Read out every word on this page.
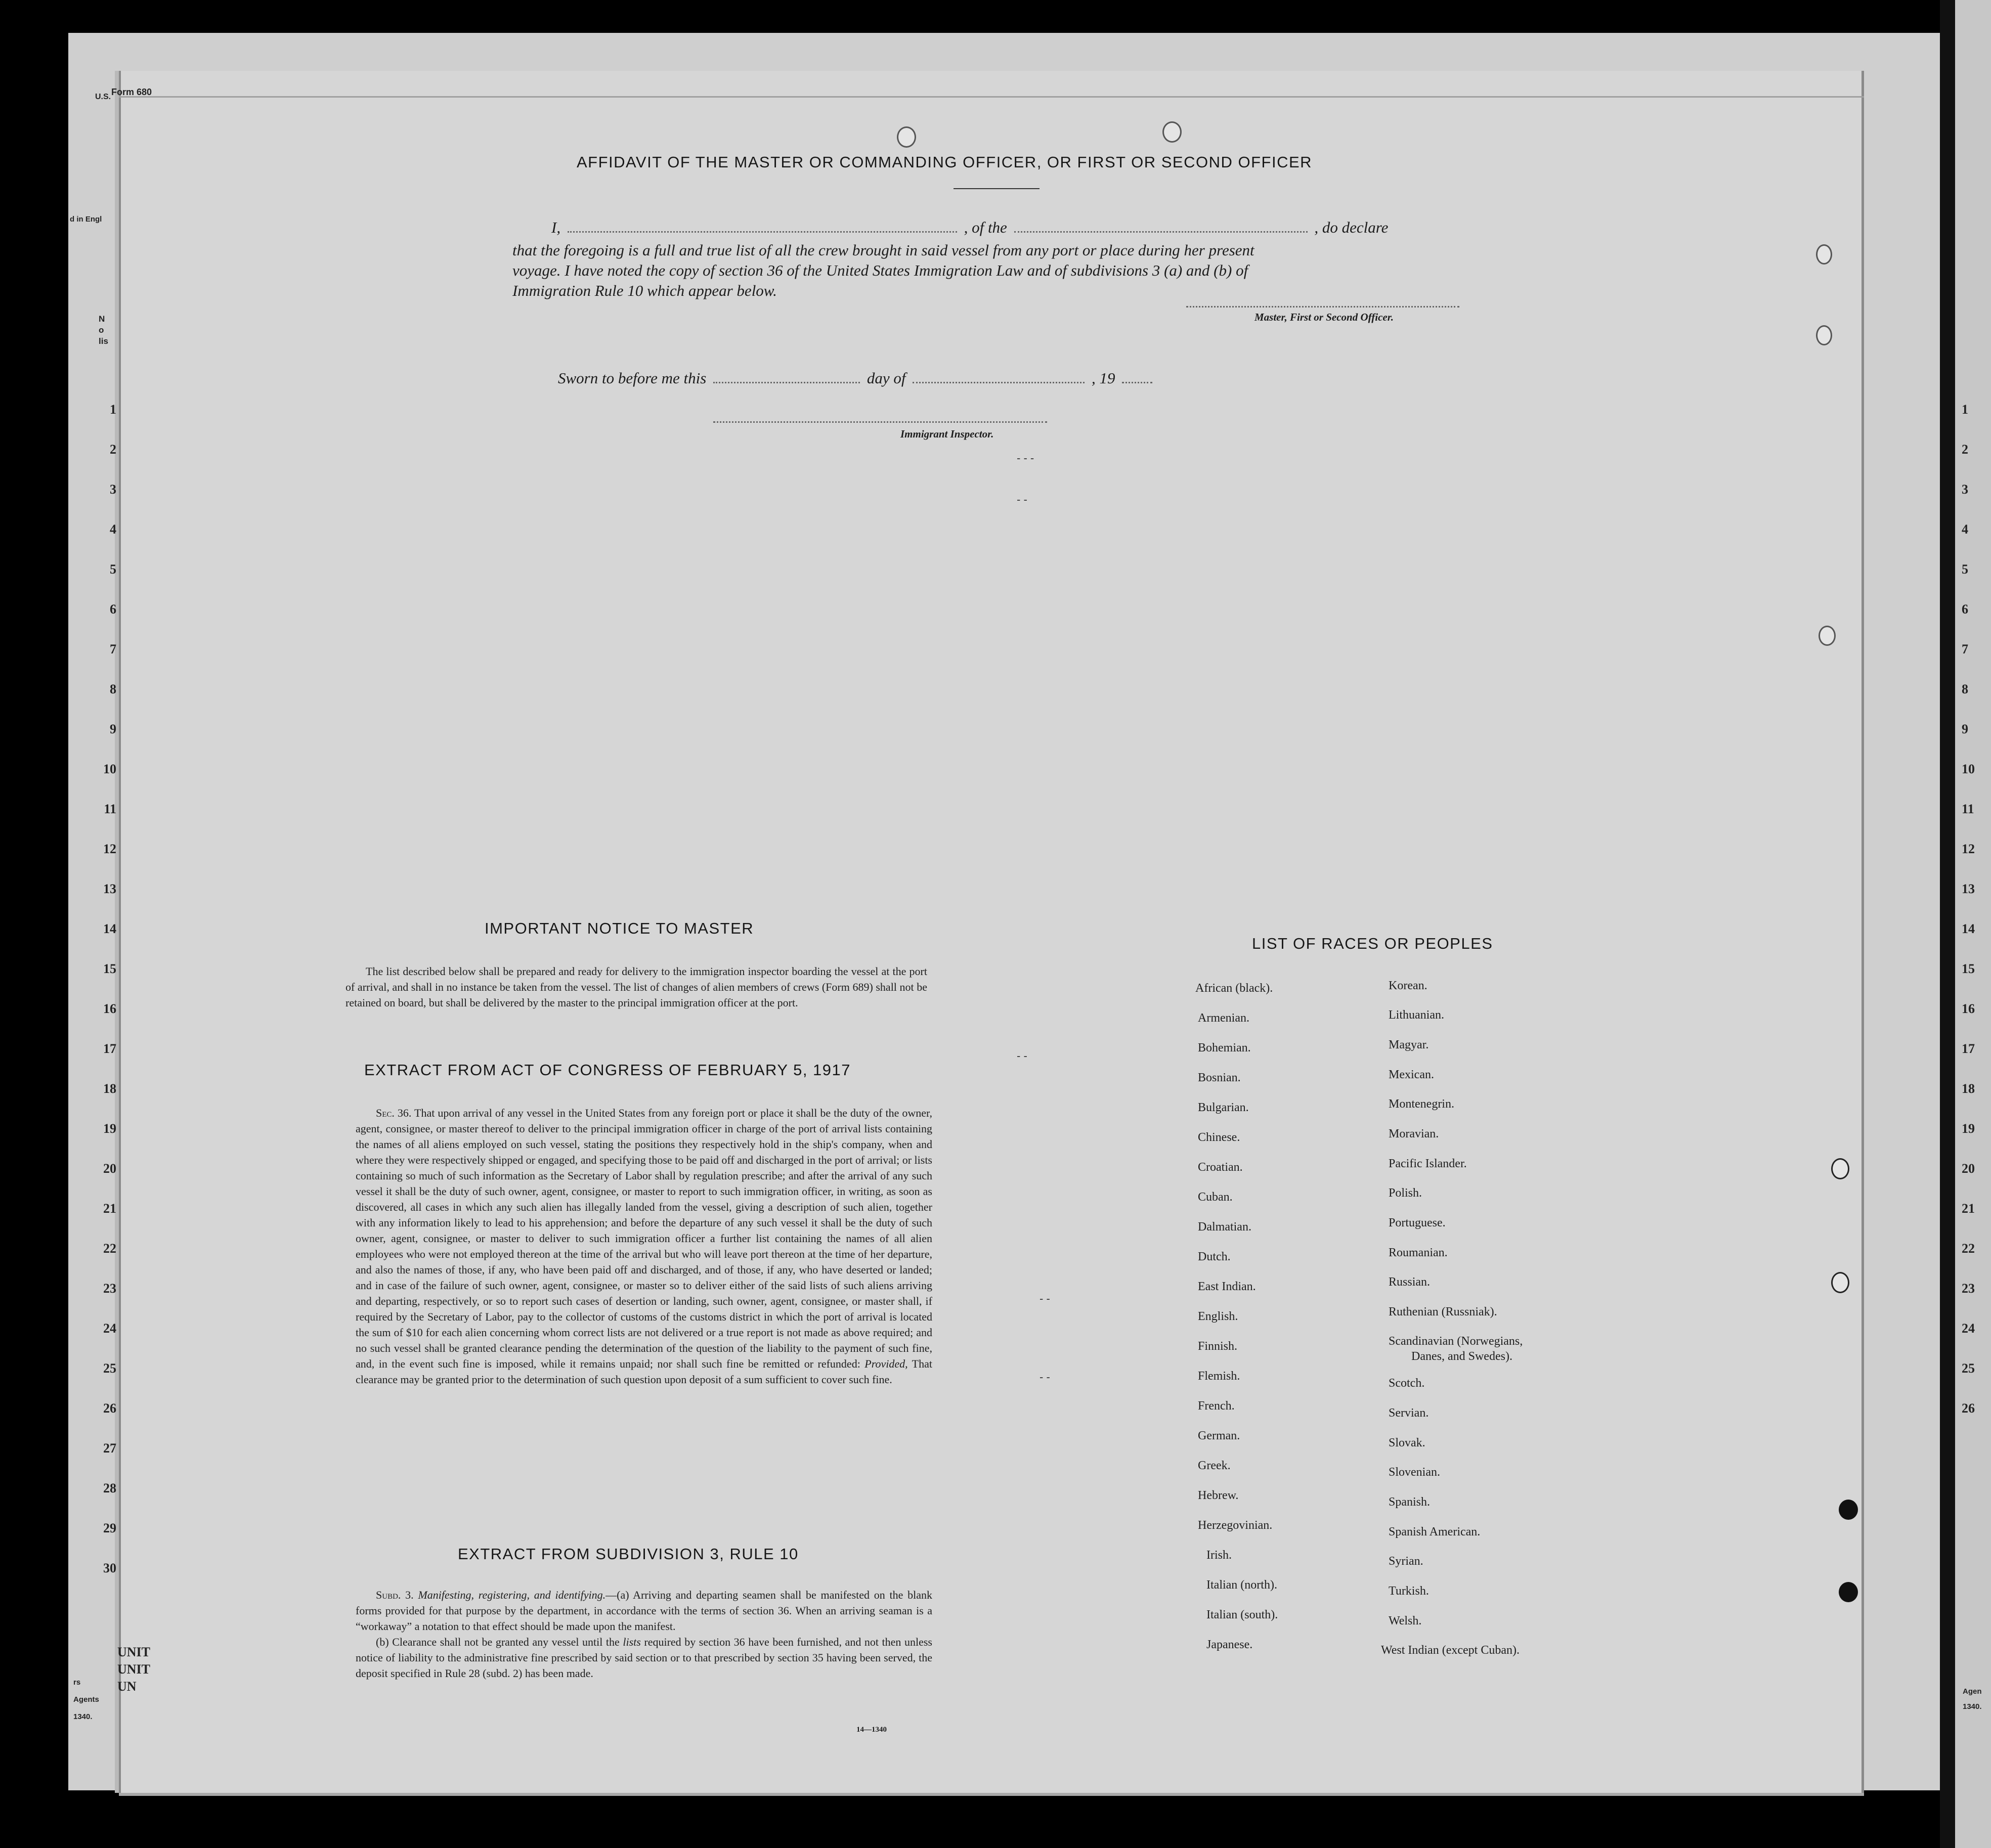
Form 680
U.S.
d in Engl
N
o
lis
1
2
3
4
5
6
7
8
9
10
11
12
13
14
15
16
17
18
19
20
21
22
23
24
25
26
27
28
29
30
1
2
3
4
5
6
7
8
9
10
11
12
13
14
15
16
17
18
19
20
21
22
23
24
25
26
UNIT
UNIT
UN
rs
Agents
1340.
Agen
1340.
- - -
- -
- -
- -
- -
AFFIDAVIT OF THE MASTER OR COMMANDING OFFICER, OR FIRST OR SECOND OFFICER
I,	, of the	, do declare
that the foregoing is a full and true list of all the crew brought in said vessel from any port or place during her present
voyage. I have noted the copy of section 36 of the United States Immigration Law and of subdivisions 3 (a) and (b) of
Immigration Rule 10 which appear below.
Master, First or Second Officer.
Sworn to before me this	day of	, 19
Immigrant Inspector.
IMPORTANT NOTICE TO MASTER

The list described below shall be prepared and ready for delivery to the immigration inspector boarding the vessel at the port of arrival, and shall in no instance be taken from the vessel. The list of changes of alien members of crews (Form 689) shall not be retained on board, but shall be delivered by the master to the principal immigration officer at the port.

EXTRACT FROM ACT OF CONGRESS OF FEBRUARY 5, 1917

Sec. 36. That upon arrival of any vessel in the United States from any foreign port or place it shall be the duty of the owner, agent, consignee, or master thereof to deliver to the principal immigration officer in charge of the port of arrival lists containing the names of all aliens employed on such vessel, stating the positions they respectively hold in the ship's company, when and where they were respectively shipped or engaged, and specifying those to be paid off and discharged in the port of arrival; or lists containing so much of such information as the Secretary of Labor shall by regulation prescribe; and after the arrival of any such vessel it shall be the duty of such owner, agent, consignee, or master to report to such immigration officer, in writing, as soon as discovered, all cases in which any such alien has illegally landed from the vessel, giving a description of such alien, together with any information likely to lead to his apprehension; and before the departure of any such vessel it shall be the duty of such owner, agent, consignee, or master to deliver to such immigration officer a further list containing the names of all alien employees who were not employed thereon at the time of the arrival but who will leave port thereon at the time of her departure, and also the names of those, if any, who have been paid off and discharged, and of those, if any, who have deserted or landed; and in case of the failure of such owner, agent, consignee, or master so to deliver either of the said lists of such aliens arriving and departing, respectively, or so to report such cases of desertion or landing, such owner, agent, consignee, or master shall, if required by the Secretary of Labor, pay to the collector of customs of the customs district in which the port of arrival is located the sum of $10 for each alien concerning whom correct lists are not delivered or a true report is not made as above required; and no such vessel shall be granted clearance pending the determination of the question of the liability to the payment of such fine, and, in the event such fine is imposed, while it remains unpaid; nor shall such fine be remitted or refunded: Provided, That clearance may be granted prior to the determination of such question upon deposit of a sum sufficient to cover such fine.

EXTRACT FROM SUBDIVISION 3, RULE 10

Subd. 3. Manifesting, registering, and identifying.—(a) Arriving and departing seamen shall be manifested on the blank forms provided for that purpose by the department, in accordance with the terms of section 36. When an arriving seaman is a “workaway” a notation to that effect should be made upon the manifest.

(b) Clearance shall not be granted any vessel until the lists required by section 36 have been furnished, and not then unless notice of liability to the administrative fine prescribed by said section or to that prescribed by section 35 having been served, the deposit specified in Rule 28 (subd. 2) has been made.

14—1340
LIST OF RACES OR PEOPLES
African (black).
Armenian.
Bohemian.
Bosnian.
Bulgarian.
Chinese.
Croatian.
Cuban.
Dalmatian.
Dutch.
East Indian.
English.
Finnish.
Flemish.
French.
German.
Greek.
Hebrew.
Herzegovinian.
Irish.
Italian (north).
Italian (south).
Japanese.
Korean.
Lithuanian.
Magyar.
Mexican.
Montenegrin.
Moravian.
Pacific Islander.
Polish.
Portuguese.
Roumanian.
Russian.
Ruthenian (Russniak).
Scandinavian (Norwegians,
Danes, and Swedes).
Scotch.
Servian.
Slovak.
Slovenian.
Spanish.
Spanish American.
Syrian.
Turkish.
Welsh.
West Indian (except Cuban).
